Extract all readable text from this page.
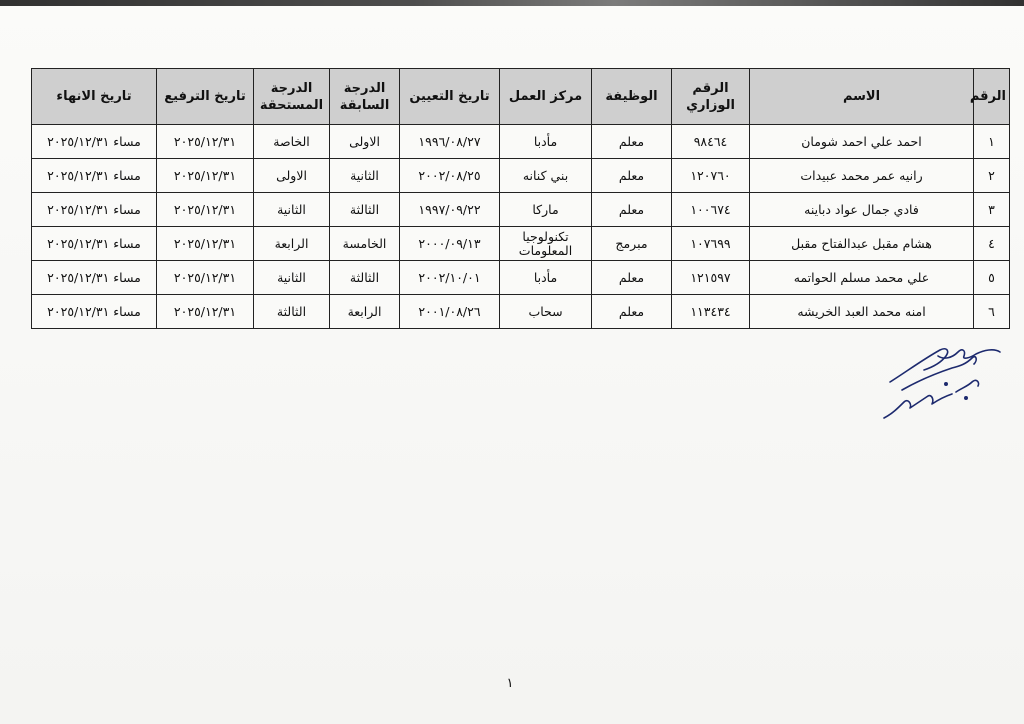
الرقم	الاسم	الرقم الوزاري	الوظيفة	مركز العمل	تاريخ التعيين	الدرجة السابقة	الدرجة المستحقة	تاريخ الترفيع	تاريخ الانهاء
١	احمد علي احمد شومان	٩٨٤٦٤	معلم	مأدبا	١٩٩٦/٠٨/٢٧	الاولى	الخاصة	٢٠٢٥/١٢/٣١	مساء ٢٠٢٥/١٢/٣١
٢	رانيه عمر محمد عبيدات	١٢٠٧٦٠	معلم	بني كنانه	٢٠٠٢/٠٨/٢٥	الثانية	الاولى	٢٠٢٥/١٢/٣١	مساء ٢٠٢٥/١٢/٣١
٣	فادي جمال عواد دباينه	١٠٠٦٧٤	معلم	ماركا	١٩٩٧/٠٩/٢٢	الثالثة	الثانية	٢٠٢٥/١٢/٣١	مساء ٢٠٢٥/١٢/٣١
٤	هشام مقبل عبدالفتاح مقبل	١٠٧٦٩٩	مبرمج	تكنولوجيا المعلومات	٢٠٠٠/٠٩/١٣	الخامسة	الرابعة	٢٠٢٥/١٢/٣١	مساء ٢٠٢٥/١٢/٣١
٥	علي محمد مسلم الحواتمه	١٢١٥٩٧	معلم	مأدبا	٢٠٠٢/١٠/٠١	الثالثة	الثانية	٢٠٢٥/١٢/٣١	مساء ٢٠٢٥/١٢/٣١
٦	امنه محمد العبد الخريشه	١١٣٤٣٤	معلم	سحاب	٢٠٠١/٠٨/٢٦	الرابعة	الثالثة	٢٠٢٥/١٢/٣١	مساء ٢٠٢٥/١٢/٣١
١
